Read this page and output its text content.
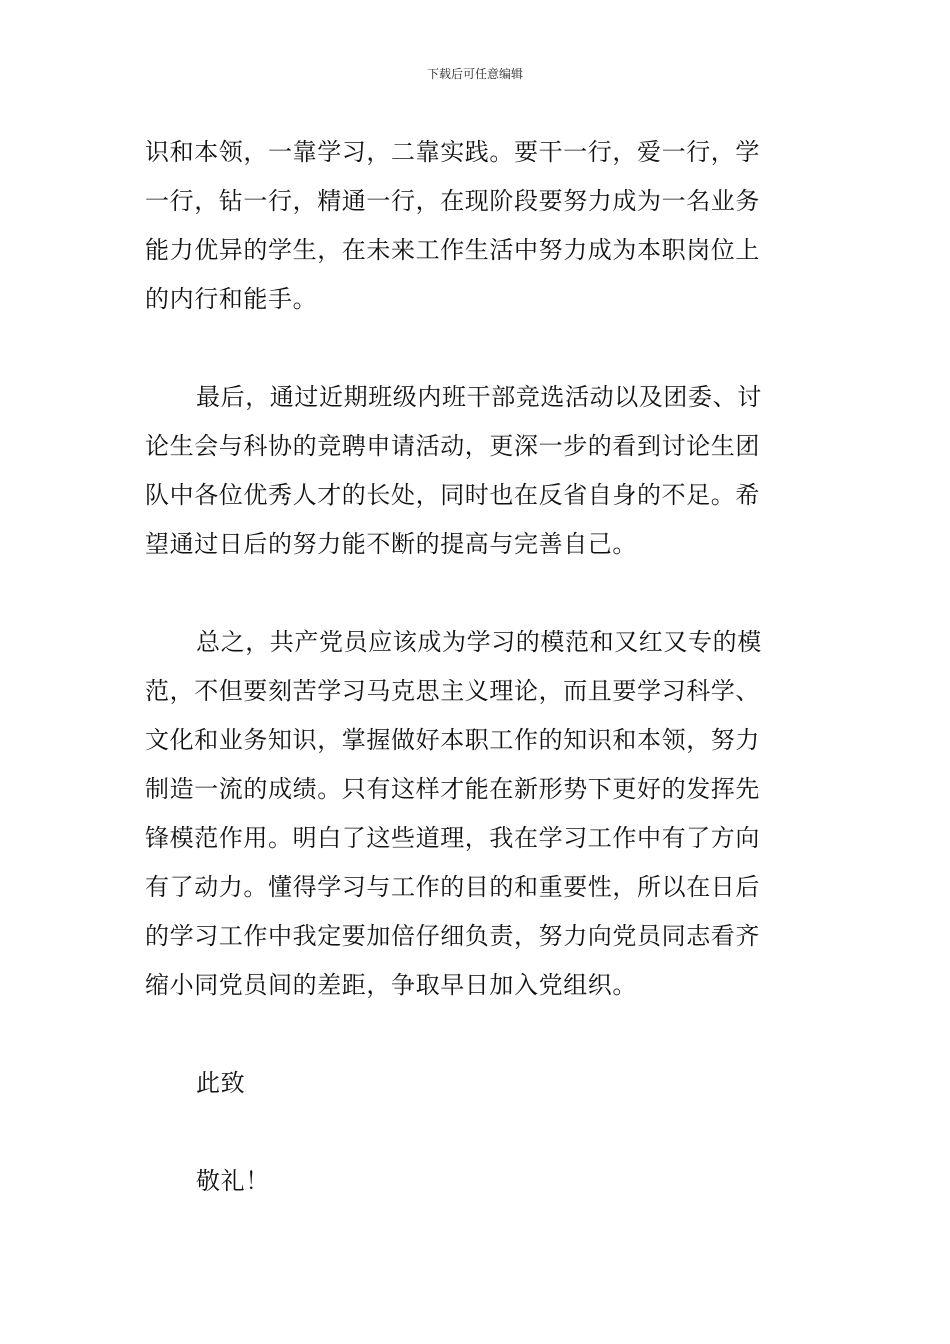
下载后可任意编辑
识和本领，一靠学习，二靠实践。要干一行，爱一行，学
一行，钻一行，精通一行，在现阶段要努力成为一名业务
能力优异的学生，在未来工作生活中努力成为本职岗位上
的内行和能手。
最后，通过近期班级内班干部竞选活动以及团委、讨
论生会与科协的竞聘申请活动，更深一步的看到讨论生团
队中各位优秀人才的长处，同时也在反省自身的不足。希
望通过日后的努力能不断的提高与完善自己。
总之，共产党员应该成为学习的模范和又红又专的模
范，不但要刻苦学习马克思主义理论，而且要学习科学、
文化和业务知识，掌握做好本职工作的知识和本领，努力
制造一流的成绩。只有这样才能在新形势下更好的发挥先
锋模范作用。明白了这些道理，我在学习工作中有了方向
有了动力。懂得学习与工作的目的和重要性，所以在日后
的学习工作中我定要加倍仔细负责，努力向党员同志看齐
缩小同党员间的差距，争取早日加入党组织。
此致
敬礼！
